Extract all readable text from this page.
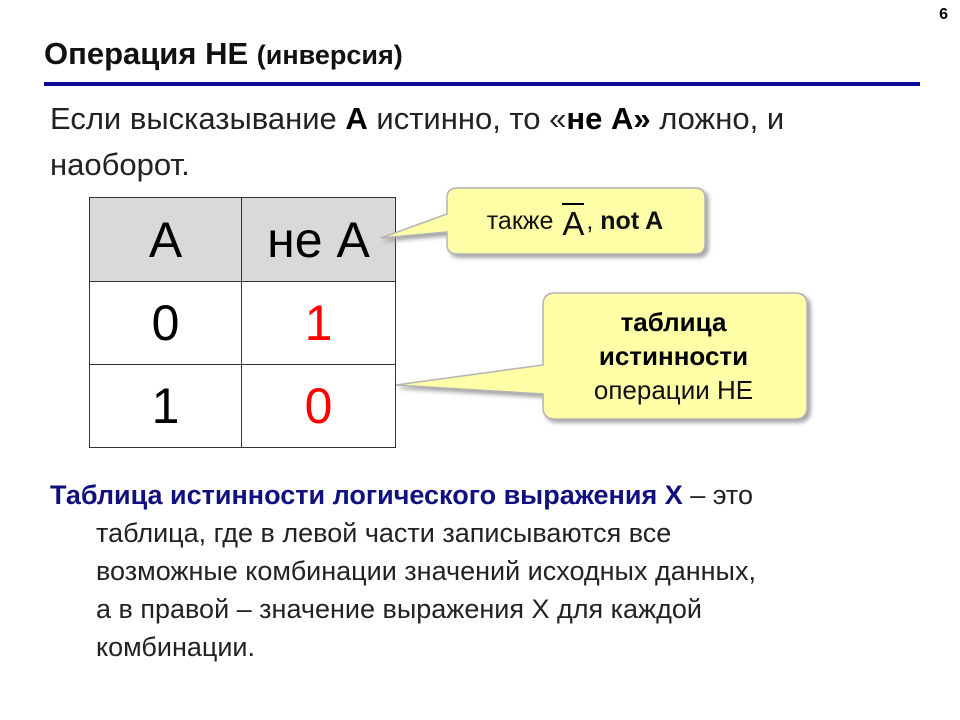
6
Операция НЕ (инверсия)
Если высказывание A истинно, то «не A» ложно, и
наоборот.
A	не A
0	1
1	0
также
A ,
not A
таблица
истинности
операции НЕ
Таблица истинности логического выражения X – это
таблица, где в левой части записываются все
возможные комбинации значений исходных данных,
а в правой – значение выражения X для каждой
комбинации.
